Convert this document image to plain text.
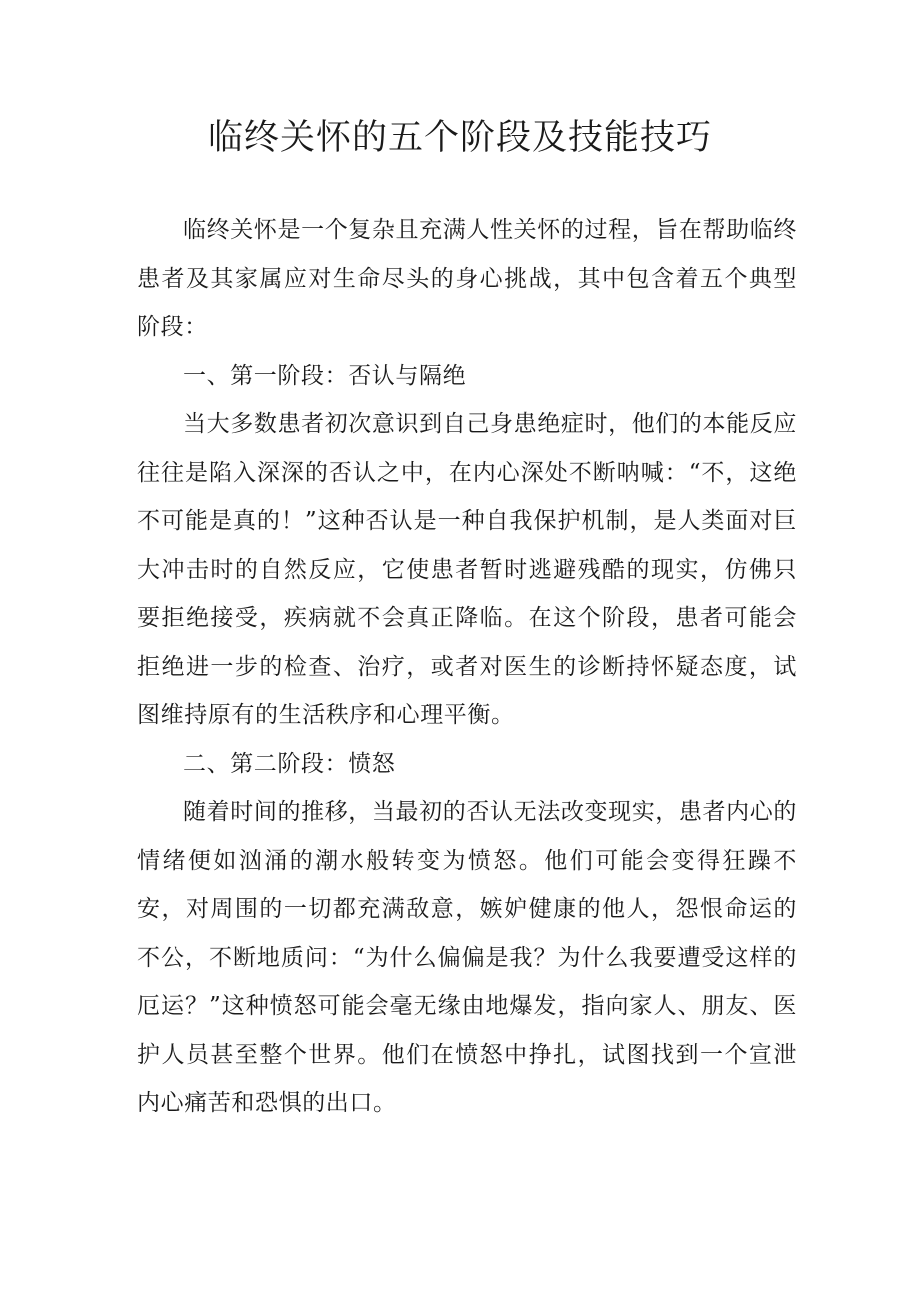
临终关怀的五个阶段及技能技巧

临终关怀是一个复杂且充满人性关怀的过程，旨在帮助临终患者及其家属应对生命尽头的身心挑战，其中包含着五个典型阶段：

一、第一阶段：否认与隔绝

当大多数患者初次意识到自己身患绝症时，他们的本能反应往往是陷入深深的否认之中，在内心深处不断呐喊：“不，这绝不可能是真的！”这种否认是一种自我保护机制，是人类面对巨大冲击时的自然反应，它使患者暂时逃避残酷的现实，仿佛只要拒绝接受，疾病就不会真正降临。在这个阶段，患者可能会拒绝进一步的检查、治疗，或者对医生的诊断持怀疑态度，试图维持原有的生活秩序和心理平衡。

二、第二阶段：愤怒

随着时间的推移，当最初的否认无法改变现实，患者内心的情绪便如汹涌的潮水般转变为愤怒。他们可能会变得狂躁不安，对周围的一切都充满敌意，嫉妒健康的他人，怨恨命运的不公，不断地质问：“为什么偏偏是我？为什么我要遭受这样的厄运？”这种愤怒可能会毫无缘由地爆发，指向家人、朋友、医护人员甚至整个世界。他们在愤怒中挣扎，试图找到一个宣泄内心痛苦和恐惧的出口。
